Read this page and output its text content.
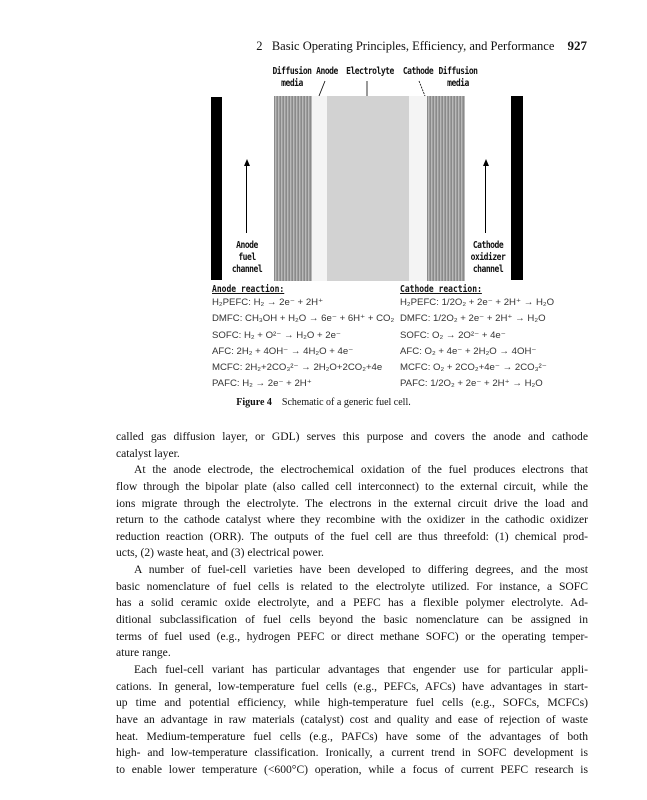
2 Basic Operating Principles, Efficiency, and Performance 927
Diffusion
media
Anode Electrolyte Cathode Diffusion
media
Anode
fuel
channel
Cathode
oxidizer
channel
Anode reaction:
H₂PEFC: H₂ → 2e⁻ + 2H⁺
DMFC: CH₃OH + H₂O → 6e⁻ + 6H⁺ + CO₂
SOFC: H₂ + O²⁻ → H₂O + 2e⁻
AFC: 2H₂ + 4OH⁻ → 4H₂O + 4e⁻
MCFC: 2H₂+2CO₃²⁻ → 2H₂O+2CO₂+4e
PAFC: H₂ → 2e⁻ + 2H⁺
Cathode reaction:
H₂PEFC: 1/2O₂ + 2e⁻ + 2H⁺ → H₂O
DMFC: 1/2O₂ + 2e⁻ + 2H⁺ → H₂O
SOFC: O₂ → 2O²⁻ + 4e⁻
AFC: O₂ + 4e⁻ + 2H₂O → 4OH⁻
MCFC: O₂ + 2CO₂+4e⁻ → 2CO₃²⁻
PAFC: 1/2O₂ + 2e⁻ + 2H⁺ → H₂O
Figure 4 Schematic of a generic fuel cell.
called gas diffusion layer, or GDL) serves this purpose and covers the anode and cathode
catalyst layer.
At the anode electrode, the electrochemical oxidation of the fuel produces electrons that
flow through the bipolar plate (also called cell interconnect) to the external circuit, while the
ions migrate through the electrolyte. The electrons in the external circuit drive the load and
return to the cathode catalyst where they recombine with the oxidizer in the cathodic oxidizer
reduction reaction (ORR). The outputs of the fuel cell are thus threefold: (1) chemical prod-
ucts, (2) waste heat, and (3) electrical power.
A number of fuel-cell varieties have been developed to differing degrees, and the most
basic nomenclature of fuel cells is related to the electrolyte utilized. For instance, a SOFC
has a solid ceramic oxide electrolyte, and a PEFC has a flexible polymer electrolyte. Ad-
ditional subclassification of fuel cells beyond the basic nomenclature can be assigned in
terms of fuel used (e.g., hydrogen PEFC or direct methane SOFC) or the operating temper-
ature range.
Each fuel-cell variant has particular advantages that engender use for particular appli-
cations. In general, low-temperature fuel cells (e.g., PEFCs, AFCs) have advantages in start-
up time and potential efficiency, while high-temperature fuel cells (e.g., SOFCs, MCFCs)
have an advantage in raw materials (catalyst) cost and quality and ease of rejection of waste
heat. Medium-temperature fuel cells (e.g., PAFCs) have some of the advantages of both
high- and low-temperature classification. Ironically, a current trend in SOFC development is
to enable lower temperature (<600°C) operation, while a focus of current PEFC research is
